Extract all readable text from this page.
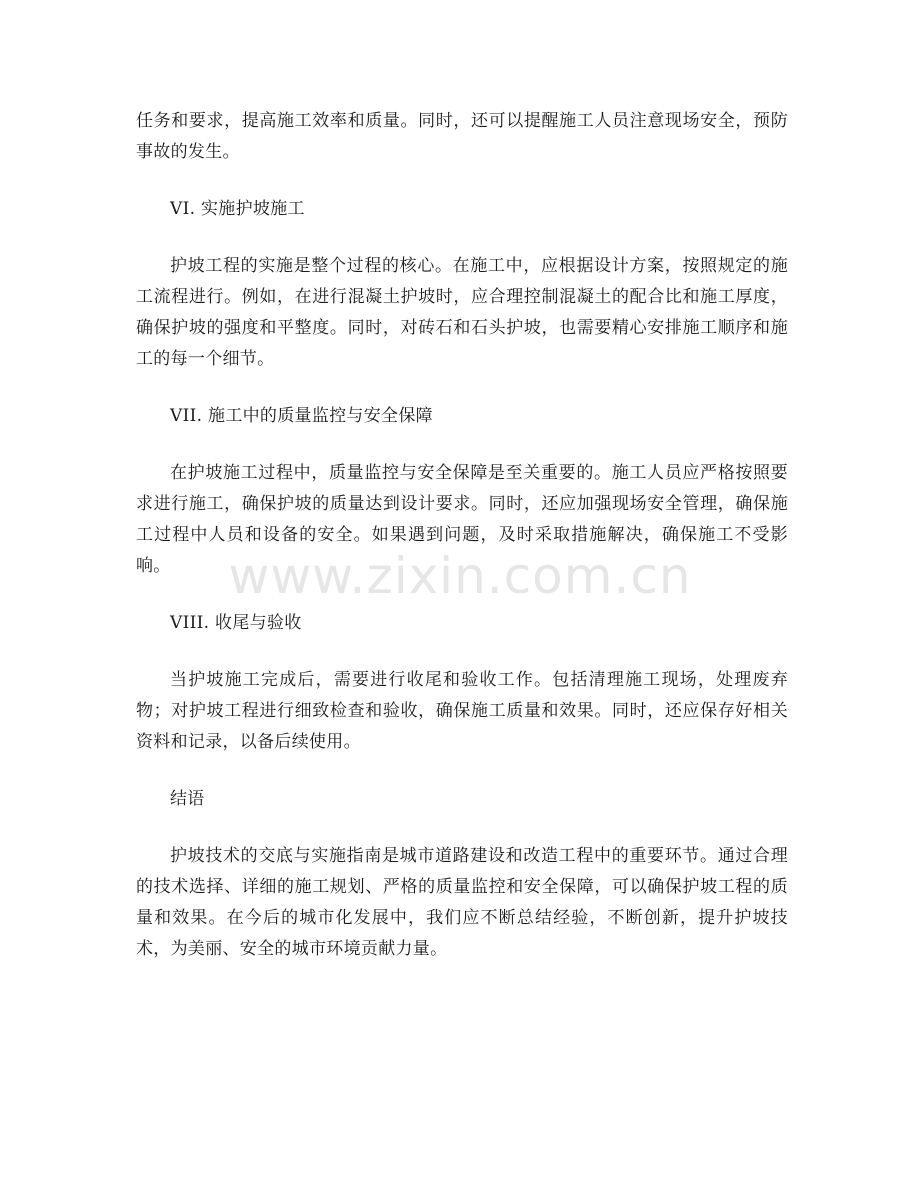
任务和要求，提高施工效率和质量。同时，还可以提醒施工人员注意现场安全，预防事故的发生。

VI. 实施护坡施工

护坡工程的实施是整个过程的核心。在施工中，应根据设计方案，按照规定的施工流程进行。例如，在进行混凝土护坡时，应合理控制混凝土的配合比和施工厚度，确保护坡的强度和平整度。同时，对砖石和石头护坡，也需要精心安排施工顺序和施工的每一个细节。

VII. 施工中的质量监控与安全保障

在护坡施工过程中，质量监控与安全保障是至关重要的。施工人员应严格按照要求进行施工，确保护坡的质量达到设计要求。同时，还应加强现场安全管理，确保施工过程中人员和设备的安全。如果遇到问题，及时采取措施解决，确保施工不受影响。

VIII. 收尾与验收

当护坡施工完成后，需要进行收尾和验收工作。包括清理施工现场，处理废弃物；对护坡工程进行细致检查和验收，确保施工质量和效果。同时，还应保存好相关资料和记录，以备后续使用。

结语

护坡技术的交底与实施指南是城市道路建设和改造工程中的重要环节。通过合理的技术选择、详细的施工规划、严格的质量监控和安全保障，可以确保护坡工程的质量和效果。在今后的城市化发展中，我们应不断总结经验，不断创新，提升护坡技术，为美丽、安全的城市环境贡献力量。

www.zixin.com.cn
